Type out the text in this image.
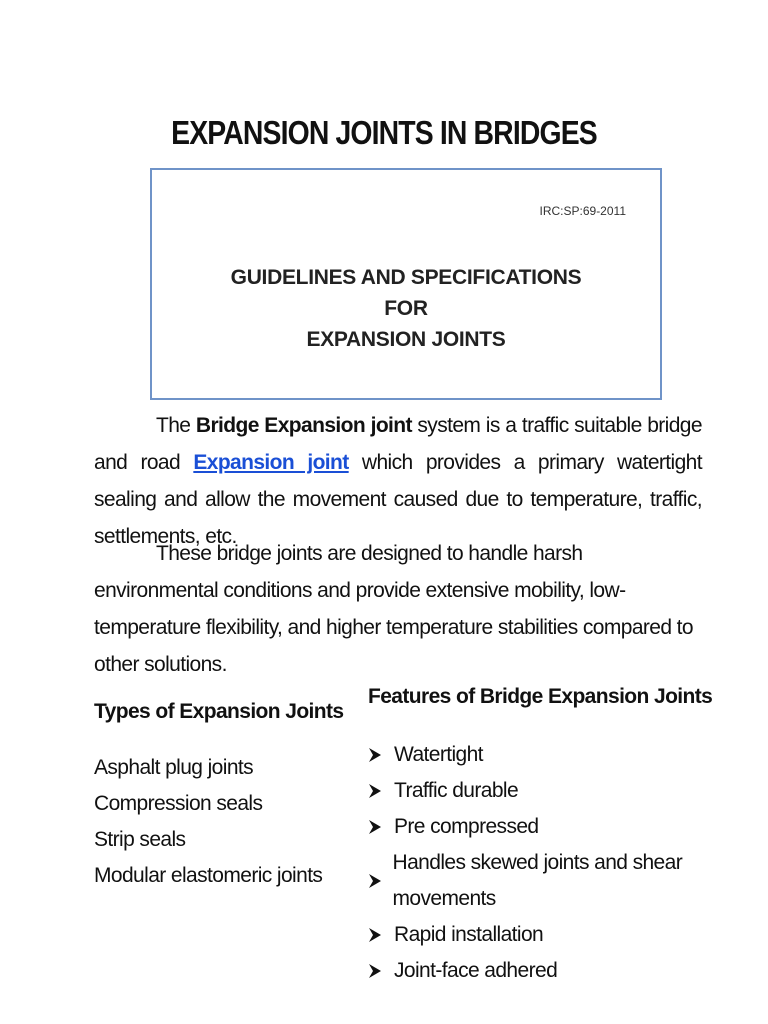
EXPANSION JOINTS IN BRIDGES
IRC:SP:69-2011
GUIDELINES AND SPECIFICATIONS
FOR
EXPANSION JOINTS

The Bridge Expansion joint system is a traffic suitable bridge and road Expansion joint which provides a primary watertight sealing and allow the movement caused due to temperature, traffic, settlements, etc.

These bridge joints are designed to handle harsh environmental conditions and provide extensive mobility, low-temperature flexibility, and higher temperature stabilities compared to other solutions.

Types of Expansion Joints
Asphalt plug joints
Compression seals
Strip seals
Modular elastomeric joints
Features of Bridge Expansion Joints
Watertight
Traffic durable
Pre compressed
Handles skewed joints and shear movements
Rapid installation
Joint-face adhered
